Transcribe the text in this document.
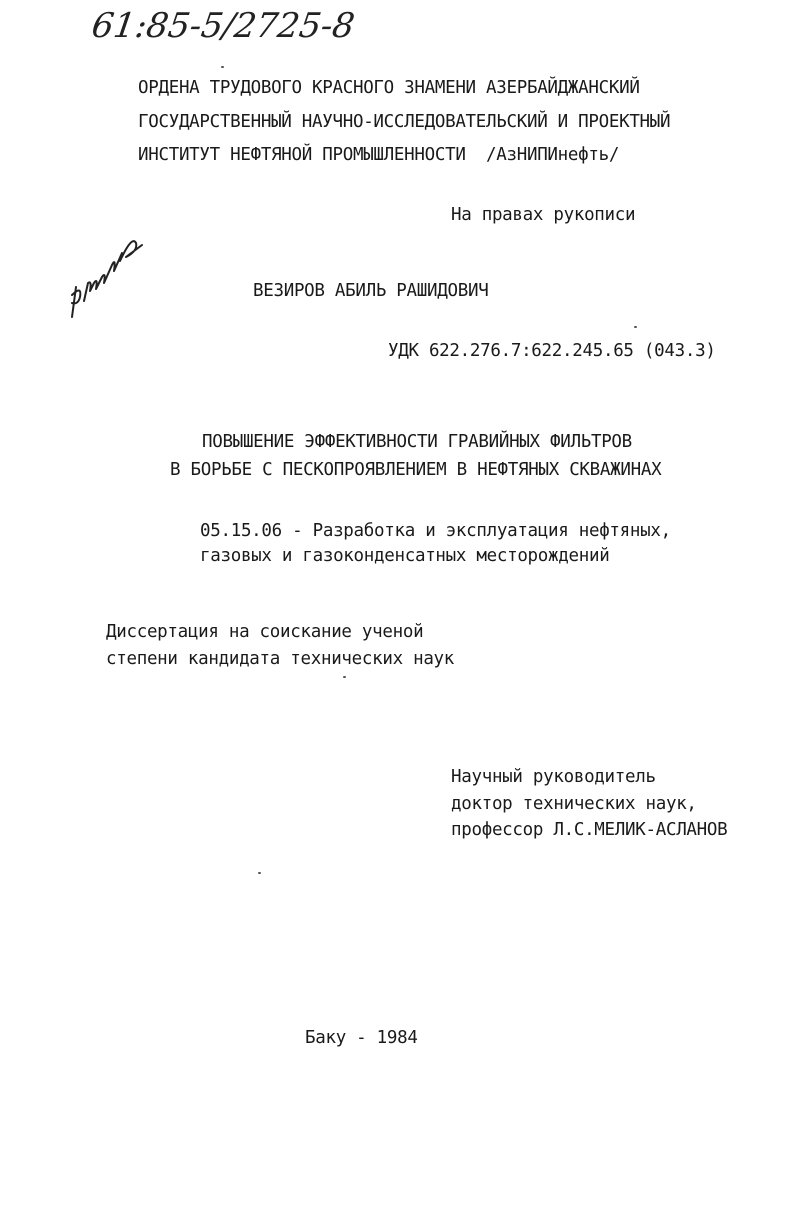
61:85-5/2725-8
ОРДЕНА ТРУДОВОГО КРАСНОГО ЗНАМЕНИ АЗЕРБАЙДЖАНСКИЙ
ГОСУДАРСТВЕННЫЙ НАУЧНО-ИССЛЕДОВАТЕЛЬСКИЙ И ПРОЕКТНЫЙ
ИНСТИТУТ НЕФТЯНОЙ ПРОМЫШЛЕННОСТИ  /АзНИПИнефть/
На правах рукописи
ВЕЗИРОВ АБИЛЬ РАШИДОВИЧ
УДК 622.276.7:622.245.65 (043.3)
ПОВЫШЕНИЕ ЭФФЕКТИВНОСТИ ГРАВИЙНЫХ ФИЛЬТРОВ
В БОРЬБЕ С ПЕСКОПРОЯВЛЕНИЕМ В НЕФТЯНЫХ СКВАЖИНАХ
05.15.06 - Разработка и эксплуатация нефтяных,
газовых и газоконденсатных месторождений
Диссертация на соискание ученой
степени кандидата технических наук
Научный руководитель
доктор технических наук,
профессор Л.С.МЕЛИК-АСЛАНОВ
Баку - 1984
